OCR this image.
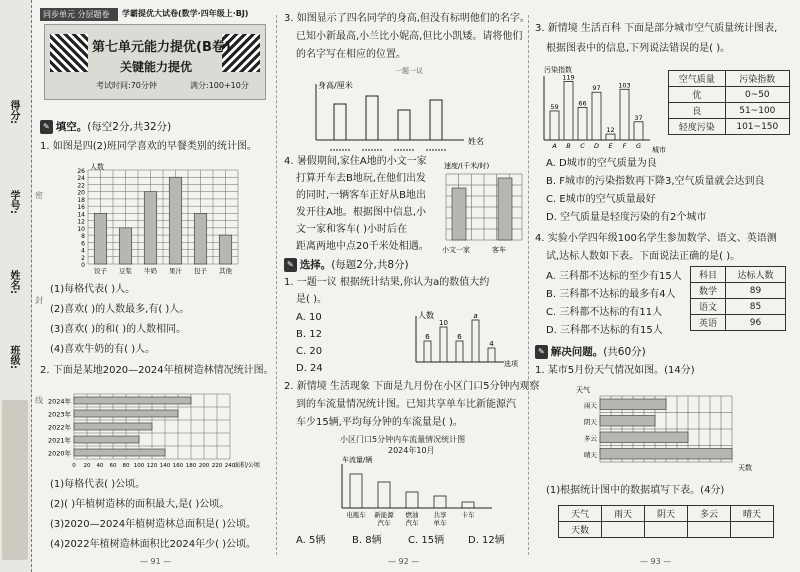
得分:
学号:
姓名:
班级:
密
封
线
同步单元 分层题卷	学霸提优大试卷(数学·四年级上·BJ)
第七单元能力提优(B卷)
关键能力提优
考试时间:70分钟	满分:100+10分
✎ 填空。(每空2分,共32分)
1. 如图是四(2)班同学喜欢的早餐类别的统计图。
人数
26
24
22
20
18
16
14
12
10
8
6
4
2
0
饺子 豆浆 牛奶 果汁 包子 其他
(1)每格代表( )人。
(2)喜欢( )的人数最多,有( )人。
(3)喜欢( )的和( )的人数相同。
(4)喜欢牛奶的有( )人。
2. 下面是某地2020—2024年植树造林情况统计图。
0 20 40 60 80 100 120 140 160 180 200 220 240
面积/公顷
2024年
2023年
2022年
2021年
2020年
(1)每格代表( )公顷。
(2)( )年植树造林的面积最大,是( )公顷。
(3)2020—2024年植树造林总面积是( )公顷。
(4)2022年植树造林面积比2024年少( )公顷。
— 91 —
3. 如图显示了四名同学的身高,但没有标明他们的名字。
已知小新最高,小兰比小妮高,但比小凯矮。请将他们
的名字写在相应的位置。
一题一议
身高/厘米
姓名
4. 暑假期间,家住A地的小文一家
打算开车去B地玩,在他们出发
的同时,一辆客车正好从B地出
发开往A地。根据图中信息,小
文一家和客车( )小时后在
距离两地中点20千米处相遇。
速度/(千米/时)
小文一家	客车
✎ 选择。(每题2分,共8分)
1. 一题一议 根据统计结果,你认为a的数值大约
是( )。
A. 10
B. 12
C. 20
D. 24
6
10
6
a
4
人数
选项
2. 新情境 生活现象 下面是九月份在小区门口5分钟内观察
到的车流量情况统计图。已知共享单车比新能源汽
车少15辆,平均每分钟的车流量是( )。
小区门口5分钟内车流量情况统计图
2024年10月
电瓶车 新能源
汽车
燃油
汽车
共享
单车
卡车
车流量/辆
A. 5辆	B. 8辆	C. 15辆 D. 12辆
— 92 —
3. 新情境 生活百科 下面是部分城市空气质量统计图表,
根据图表中的信息,下列说法错误的是( )。
59
A
119
B
66
C
97
D
12
E
103
F
37
G
污染指数
城市
空气质量	污染指数
优	0~50
良	51~100
轻度污染	101~150
A. D城市的空气质量为良
B. F城市的污染指数再下降3,空气质量就会达到良
C. E城市的空气质量最好
D. 空气质量是轻度污染的有2个城市
4. 实验小学四年级100名学生参加数学、语文、英语测
试,达标人数如下表。下面说法正确的是( )。
A. 三科都不达标的至少有15人
B. 三科都不达标的最多有4人
C. 三科都不达标的有11人
D. 三科都不达标的有15人
科目	达标人数
数学	89
语文	85
英语	96
✎ 解决问题。(共60分)
1. 某市5月份天气情况如图。(14分)
雨天
阴天
多云
晴天
天气
天数
(1)根据统计图中的数据填写下表。(4分)
天气	雨天	阴天	多云	晴天
天数				
— 93 —
